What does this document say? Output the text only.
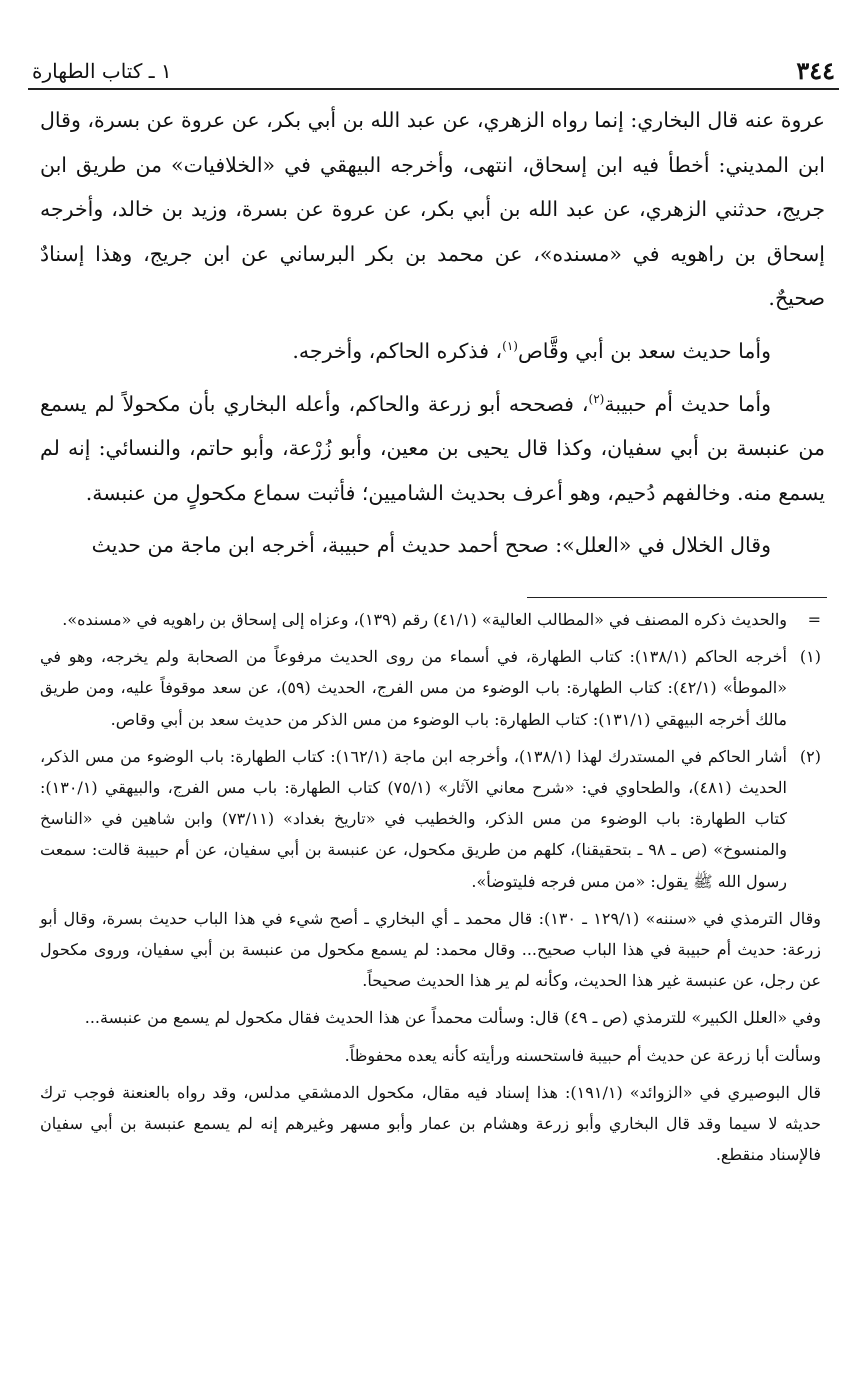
٣٤٤
١ ـ كتاب الطهارة

عروة عنه قال البخاري: إنما رواه الزهري، عن عبد الله بن أبي بكر، عن عروة عن بسرة، وقال ابن المديني: أخطأ فيه ابن إسحاق، انتهى، وأخرجه البيهقي في «الخلافيات» من طريق ابن جريج، حدثني الزهري، عن عبد الله بن أبي بكر، عن عروة عن بسرة، وزيد بن خالد، وأخرجه إسحاق بن راهويه في «مسنده»، عن محمد بن بكر البرساني عن ابن جريج، وهذا إسنادٌ صحيحٌ.

وأما حديث سعد بن أبي وقَّاص$^{(١)}$، فذكره الحاكم، وأخرجه.

وأما حديث أم حبيبة$^{(٢)}$، فصححه أبو زرعة والحاكم، وأعله البخاري بأن مكحولاً لم يسمع من عنبسة بن أبي سفيان، وكذا قال يحيى بن معين، وأبو زُرْعة، وأبو حاتم، والنسائي: إنه لم يسمع منه. وخالفهم دُحيم، وهو أعرف بحديث الشاميين؛ فأثبت سماع مكحولٍ من عنبسة.

وقال الخلال في «العلل»: صحح أحمد حديث أم حبيبة، أخرجه ابن ماجة من حديث

=
والحديث ذكره المصنف في «المطالب العالية» (٤١/١) رقم (١٣٩)، وعزاه إلى إسحاق بن راهويه في «مسنده».
(١)
أخرجه الحاكم (١٣٨/١): كتاب الطهارة، في أسماء من روى الحديث مرفوعاً من الصحابة ولم يخرجه، وهو في «الموطأ» (٤٢/١): كتاب الطهارة: باب الوضوء من مس الفرج، الحديث (٥٩)، عن سعد موقوفاً عليه، ومن طريق مالك أخرجه البيهقي (١٣١/١): كتاب الطهارة: باب الوضوء من مس الذكر من حديث سعد بن أبي وقاص.
(٢)
أشار الحاكم في المستدرك لهذا (١٣٨/١)، وأخرجه ابن ماجة (١٦٢/١): كتاب الطهارة: باب الوضوء من مس الذكر، الحديث (٤٨١)، والطحاوي في: «شرح معاني الآثار» (٧٥/١) كتاب الطهارة: باب مس الفرج، والبيهقي (١٣٠/١): كتاب الطهارة: باب الوضوء من مس الذكر، والخطيب في «تاريخ بغداد» (٧٣/١١) وابن شاهين في «الناسخ والمنسوخ» (ص ـ ٩٨ ـ بتحقيقنا)، كلهم من طريق مكحول، عن عنبسة بن أبي سفيان، عن أم حبيبة قالت: سمعت رسول الله ﷺ يقول: «من مس فرجه فليتوضأ».

وقال الترمذي في «سننه» (١٢٩/١ ـ ١٣٠): قال محمد ـ أي البخاري ـ أصح شيء في هذا الباب حديث بسرة، وقال أبو زرعة: حديث أم حبيبة في هذا الباب صحيح... وقال محمد: لم يسمع مكحول من عنبسة بن أبي سفيان، وروى مكحول عن رجل، عن عنبسة غير هذا الحديث، وكأنه لم ير هذا الحديث صحيحاً.

وفي «العلل الكبير» للترمذي (ص ـ ٤٩) قال: وسألت محمداً عن هذا الحديث فقال مكحول لم يسمع من عنبسة...

وسألت أبا زرعة عن حديث أم حبيبة فاستحسنه ورأيته كأنه يعده محفوظاً.

قال البوصيري في «الزوائد» (١٩١/١): هذا إسناد فيه مقال، مكحول الدمشقي مدلس، وقد رواه بالعنعنة فوجب ترك حديثه لا سيما وقد قال البخاري وأبو زرعة وهشام بن عمار وأبو مسهر وغيرهم إنه لم يسمع عنبسة بن أبي سفيان فالإسناد منقطع.
